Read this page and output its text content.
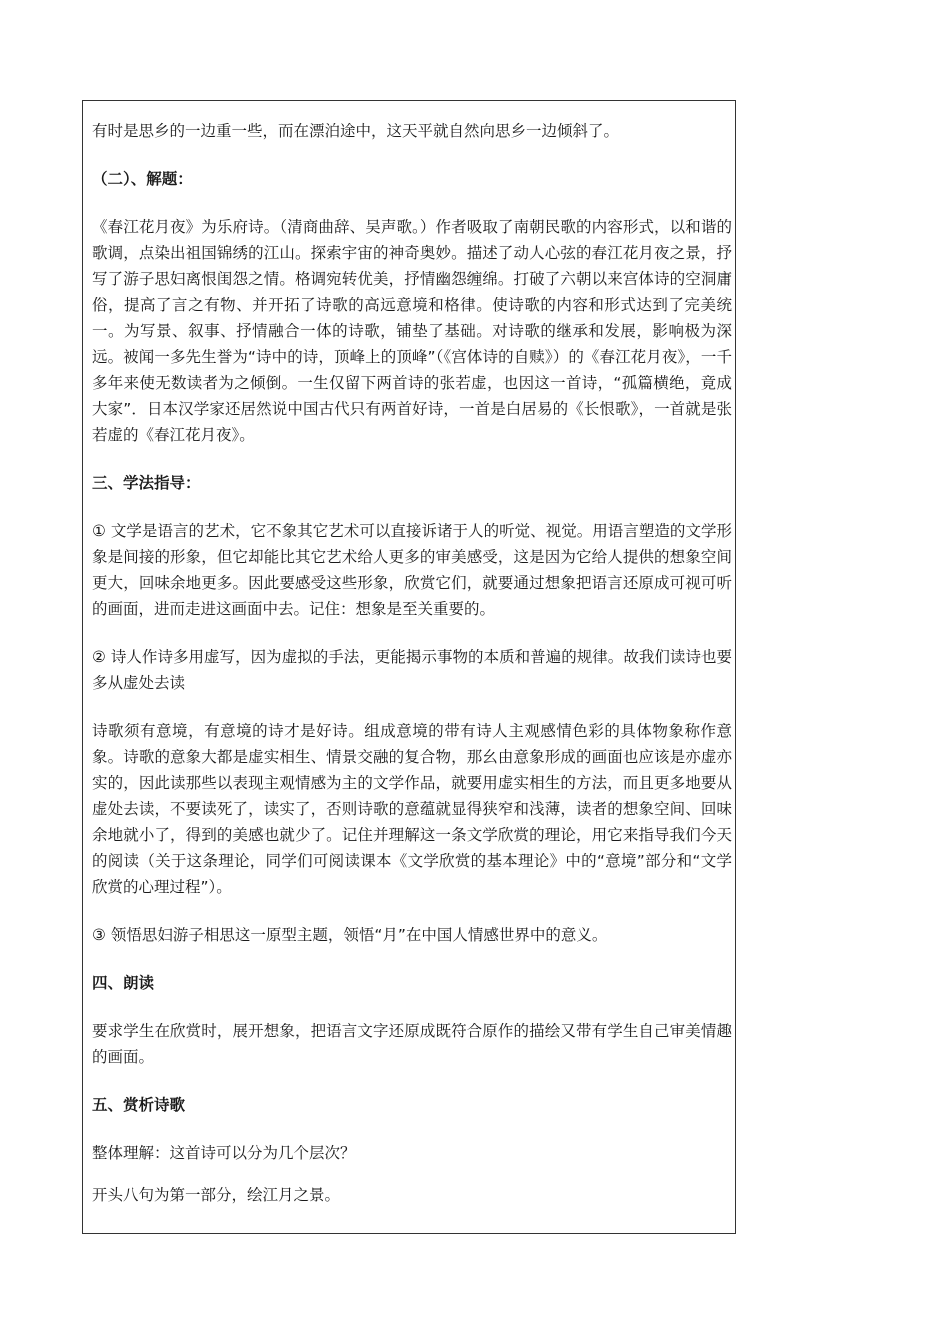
有时是思乡的一边重一些，而在漂泊途中，这天平就自然向思乡一边倾斜了。

（二）、解题：

《春江花月夜》为乐府诗。（清商曲辞、吴声歌。）作者吸取了南朝民歌的内容形式，以和谐的歌调，点染出祖国锦绣的江山。探索宇宙的神奇奥妙。描述了动人心弦的春江花月夜之景，抒写了游子思妇离恨闺怨之情。格调宛转优美，抒情幽怨缠绵。打破了六朝以来宫体诗的空洞庸俗，提高了言之有物、并开拓了诗歌的高远意境和格律。使诗歌的内容和形式达到了完美统一。为写景、叙事、抒情融合一体的诗歌，铺垫了基础。对诗歌的继承和发展，影响极为深远。被闻一多先生誉为“诗中的诗，顶峰上的顶峰”（《宫体诗的自赎》）的《春江花月夜》，一千多年来使无数读者为之倾倒。一生仅留下两首诗的张若虚，也因这一首诗，“孤篇横绝，竟成大家”．日本汉学家还居然说中国古代只有两首好诗，一首是白居易的《长恨歌》，一首就是张若虚的《春江花月夜》。

三、学法指导：

① 文学是语言的艺术，它不象其它艺术可以直接诉诸于人的听觉、视觉。用语言塑造的文学形象是间接的形象，但它却能比其它艺术给人更多的审美感受，这是因为它给人提供的想象空间更大，回味余地更多。因此要感受这些形象，欣赏它们，就要通过想象把语言还原成可视可听的画面，进而走进这画面中去。记住：想象是至关重要的。

② 诗人作诗多用虚写，因为虚拟的手法，更能揭示事物的本质和普遍的规律。故我们读诗也要多从虚处去读

诗歌须有意境，有意境的诗才是好诗。组成意境的带有诗人主观感情色彩的具体物象称作意象。诗歌的意象大都是虚实相生、情景交融的复合物，那幺由意象形成的画面也应该是亦虚亦实的，因此读那些以表现主观情感为主的文学作品，就要用虚实相生的方法，而且更多地要从虚处去读，不要读死了，读实了，否则诗歌的意蕴就显得狭窄和浅薄，读者的想象空间、回味余地就小了，得到的美感也就少了。记住并理解这一条文学欣赏的理论，用它来指导我们今天的阅读（关于这条理论，同学们可阅读课本《文学欣赏的基本理论》中的“意境”部分和“文学欣赏的心理过程”）。

③ 领悟思妇游子相思这一原型主题，领悟“月”在中国人情感世界中的意义。

四、朗读

要求学生在欣赏时，展开想象，把语言文字还原成既符合原作的描绘又带有学生自己审美情趣的画面。

五、赏析诗歌

整体理解：这首诗可以分为几个层次？

开头八句为第一部分，绘江月之景。
